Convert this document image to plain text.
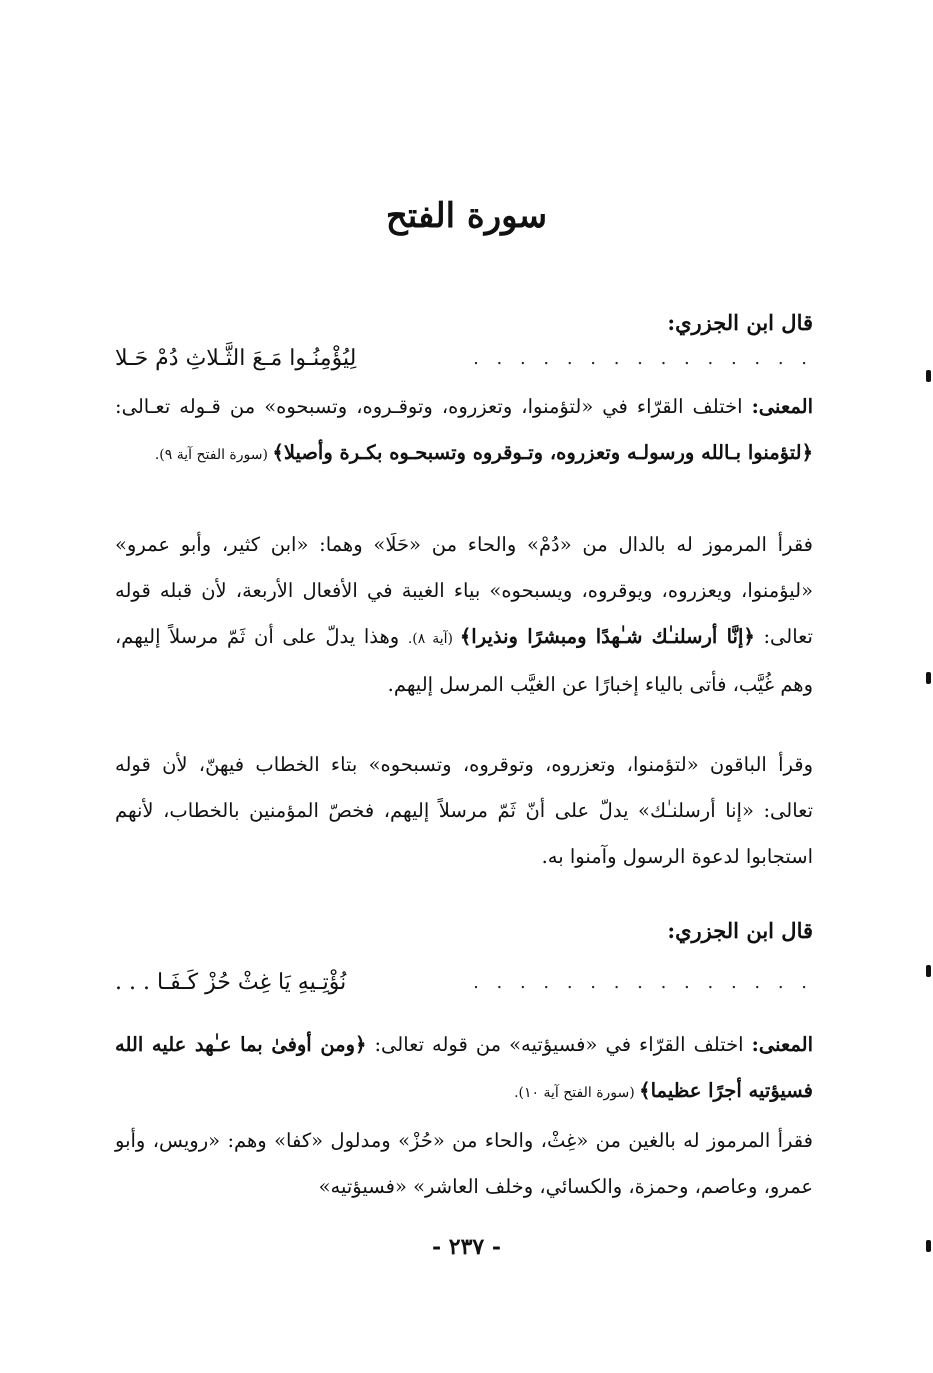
سورة الفتح
قال ابن الجزري:
. . . . . . . . . . . . . . .
لِيُؤْمِنُـوا مَـعَ الثَّـلاثِ دُمْ حَـلا
المعنى: اختلف القرّاء في «لتؤمنوا، وتعزروه، وتوقـروه، وتسبحوه» من قـوله تعـالى: ﴿لتؤمنوا بـالله ورسولـه وتعزروه، وتـوقروه وتسبحـوه بكـرة وأصيلا﴾ (سورة الفتح آية ٩).
فقرأ المرموز له بالدال من «دُمْ» والحاء من «حَلَا» وهما: «ابن كثير، وأبو عمرو» «ليؤمنوا، ويعزروه، ويوقروه، ويسبحوه» بياء الغيبة في الأفعال الأربعة، لأن قبله قوله تعالى: ﴿إنَّا أرسلنـٰك شـٰهدًا ومبشرًا ونذيرا﴾ (آية ٨). وهذا يدلّ على أن ثَمّ مرسلاً إليهم، وهم غُيَّب، فأتى بالياء إخبارًا عن الغيَّب المرسل إليهم.
وقرأ الباقون «لتؤمنوا، وتعزروه، وتوقروه، وتسبحوه» بتاء الخطاب فيهنّ، لأن قوله تعالى: «إنا أرسلنـٰك» يدلّ على أنّ ثَمّ مرسلاً إليهم، فخصّ المؤمنين بالخطاب، لأنهم استجابوا لدعوة الرسول وآمنوا به.
قال ابن الجزري:
. . . . . . . . . . . . . . .
نُؤْتِـيهِ يَا غِثْ حُزْ كَـفَـا . . .
المعنى: اختلف القرّاء في «فسيؤتيه» من قوله تعالى: ﴿ومن أوفىٰ بما عـٰهد عليه الله فسيؤتيه أجرًا عظيما﴾ (سورة الفتح آية ١٠).
فقرأ المرموز له بالغين من «غِثْ، والحاء من «حُزْ» ومدلول «كفا» وهم: «رويس، وأبو عمرو، وعاصم، وحمزة، والكسائي، وخلف العاشر» «فسيؤتيه»
- ٢٣٧ -
